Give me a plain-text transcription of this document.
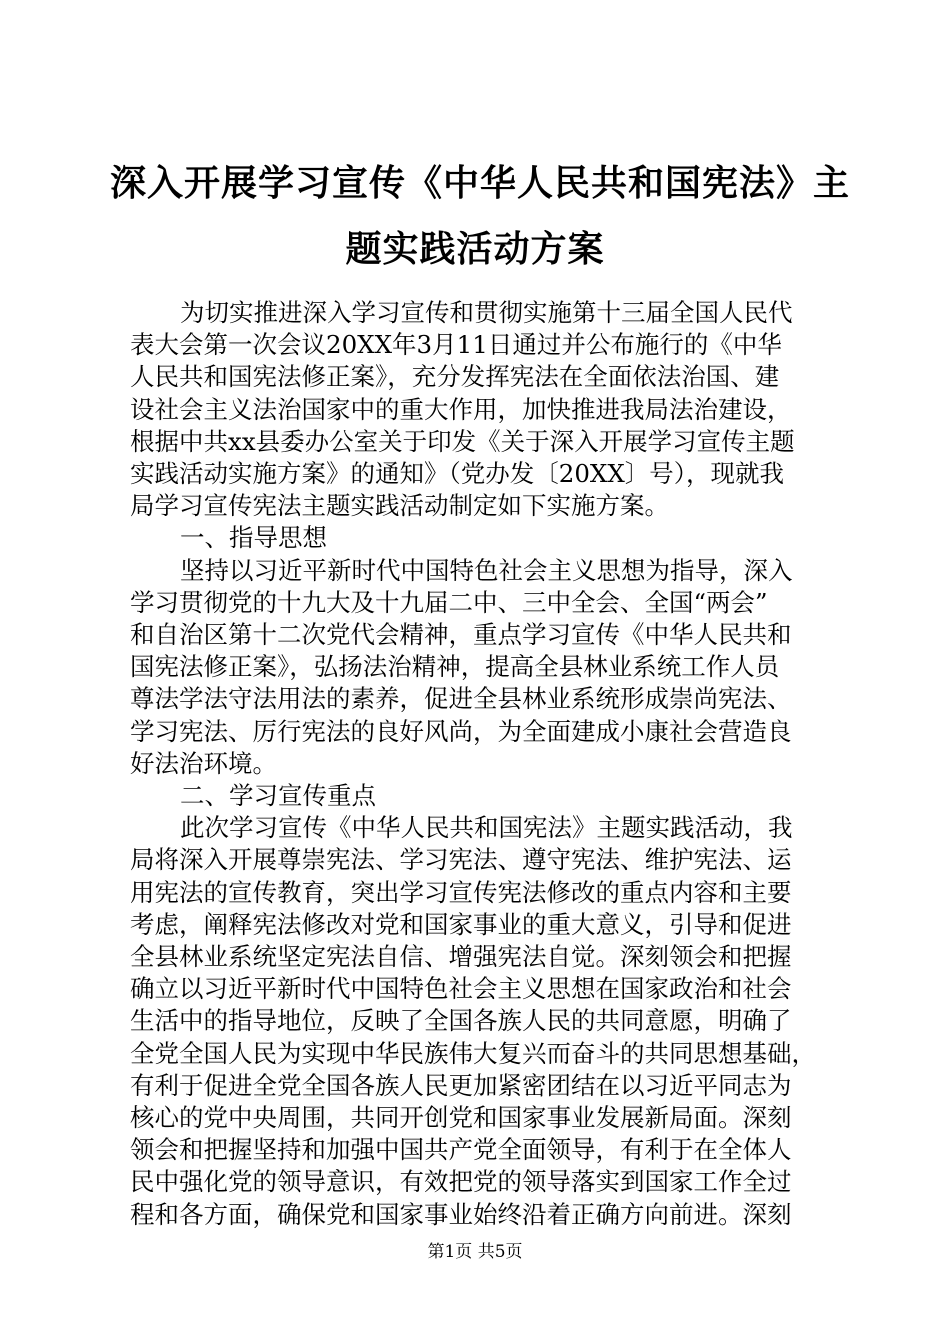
深入开展学习宣传《中华人民共和国宪法》主
题实践活动方案
为切实推进深入学习宣传和贯彻实施第十三届全国人民代
表大会第一次会议20XX年3月11日通过并公布施行的《中华
人民共和国宪法修正案》，充分发挥宪法在全面依法治国、建
设社会主义法治国家中的重大作用，加快推进我局法治建设，
根据中共xx县委办公室关于印发《关于深入开展学习宣传主题
实践活动实施方案》的通知》（党办发〔20XX〕号），现就我
局学习宣传宪法主题实践活动制定如下实施方案。
一、指导思想
坚持以习近平新时代中国特色社会主义思想为指导，深入
学习贯彻党的十九大及十九届二中、三中全会、全国“两会”
和自治区第十二次党代会精神，重点学习宣传《中华人民共和
国宪法修正案》，弘扬法治精神，提高全县林业系统工作人员
尊法学法守法用法的素养，促进全县林业系统形成崇尚宪法、
学习宪法、厉行宪法的良好风尚，为全面建成小康社会营造良
好法治环境。
二、学习宣传重点
此次学习宣传《中华人民共和国宪法》主题实践活动，我
局将深入开展尊崇宪法、学习宪法、遵守宪法、维护宪法、运
用宪法的宣传教育，突出学习宣传宪法修改的重点内容和主要
考虑，阐释宪法修改对党和国家事业的重大意义，引导和促进
全县林业系统坚定宪法自信、增强宪法自觉。深刻领会和把握
确立以习近平新时代中国特色社会主义思想在国家政治和社会
生活中的指导地位，反映了全国各族人民的共同意愿，明确了
全党全国人民为实现中华民族伟大复兴而奋斗的共同思想基础，
有利于促进全党全国各族人民更加紧密团结在以习近平同志为
核心的党中央周围，共同开创党和国家事业发展新局面。深刻
领会和把握坚持和加强中国共产党全面领导，有利于在全体人
民中强化党的领导意识，有效把党的领导落实到国家工作全过
程和各方面，确保党和国家事业始终沿着正确方向前进。深刻
第1页 共5页
